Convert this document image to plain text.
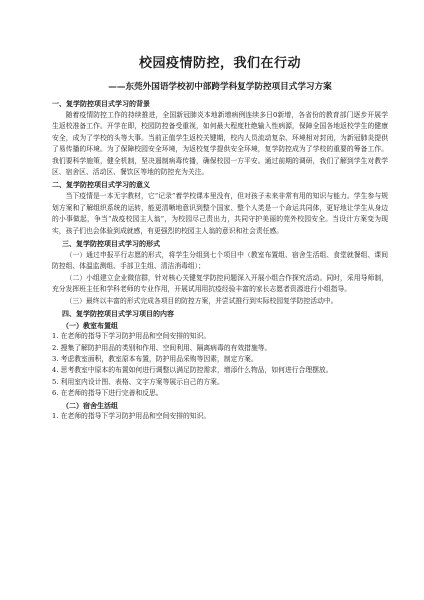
校园疫情防控，我们在行动
——东莞外国语学校初中部跨学科复学防控项目式学习方案
一、复学防控项目式学习的背景
随着疫情防控工作的持续推进，全国新冠肺炎本地新增病例连续多日0新增，各省份的教育部门逐步开展学生返校准备工作。开学在即，校园防控备受重视，如何最大程度杜绝输入性病源，保障全国各地返校学生的健康安全，成为了学校的头等大事。当前正值学生返校关键期，校内人员流动复杂、环境相对封闭，为新冠肺炎提供了易传播的环境。为了保障校园安全环境，为返校复学提供安全环境，复学防控成为了学校的重要的筹备工作。我们要科学施策，健全机制，坚决遏制病毒传播，确保校园一方平安。通过前期的调研，我们了解到学生对教学区、宿舍区、活动区、餐饮区等地的防控充为关注。
二、复学防控项目式学习的意义
当下疫情是一本无字教材，它“记录”着学校课本里没有，但对孩子未来非常有用的知识与能力。学生参与规划方案和了解组织系统的运转，能更清晰地意识到整个国家、整个人类是一个命运共同体，更好地让学生从身边的小事做起，争当“战疫校园主人翁”，为校园尽己责出力，共同守护美丽的莞外校园安全。当设计方案变为现实，孩子们也会体验到成就感，有更强烈的校园主人翁的意识和社会责任感。
三、复学防控项目式学习的形式
（一）通过申报平行志愿的形式，将学生分组到七个项目中（教室布置组、宿舍生活组、食堂就餐组、课间防控组、体温监测组、手部卫生组、清洁消毒组）；
（二）小组建立企业微信群，针对核心关键复学防控问题深入开展小组合作探究活动。同时，采用导师制，充分发挥班主任和学科老师的专业作用，开展试用用抗疫经验丰富的家长志愿者资源进行小组指导。
（三）最终以丰富的形式完成各项目的防控方案，并尝试推行到实际校园复学防控活动中。
四、复学防控项目式学习项目的内容
（一）教室布置组
1. 在老师的指导下学习防护用品和空间安排的知识。
2. 搜集了解防护用品的类别和作用、空间利用、隔离病毒的有效措施等。
3. 考虑教室面积，教室原本布置，防护用品采购等因素，制定方案。
4. 思考教室中原本的布置如何进行调整以满足防控需求，增添什么物品，如何进行合理摆放。
5. 利用室内设计图、表格、文字方案等展示自己的方案。
6. 在老师的指导下进行完善和反思。
（二）宿舍生活组
1. 在老师的指导下学习防护用品和空间安排的知识。
